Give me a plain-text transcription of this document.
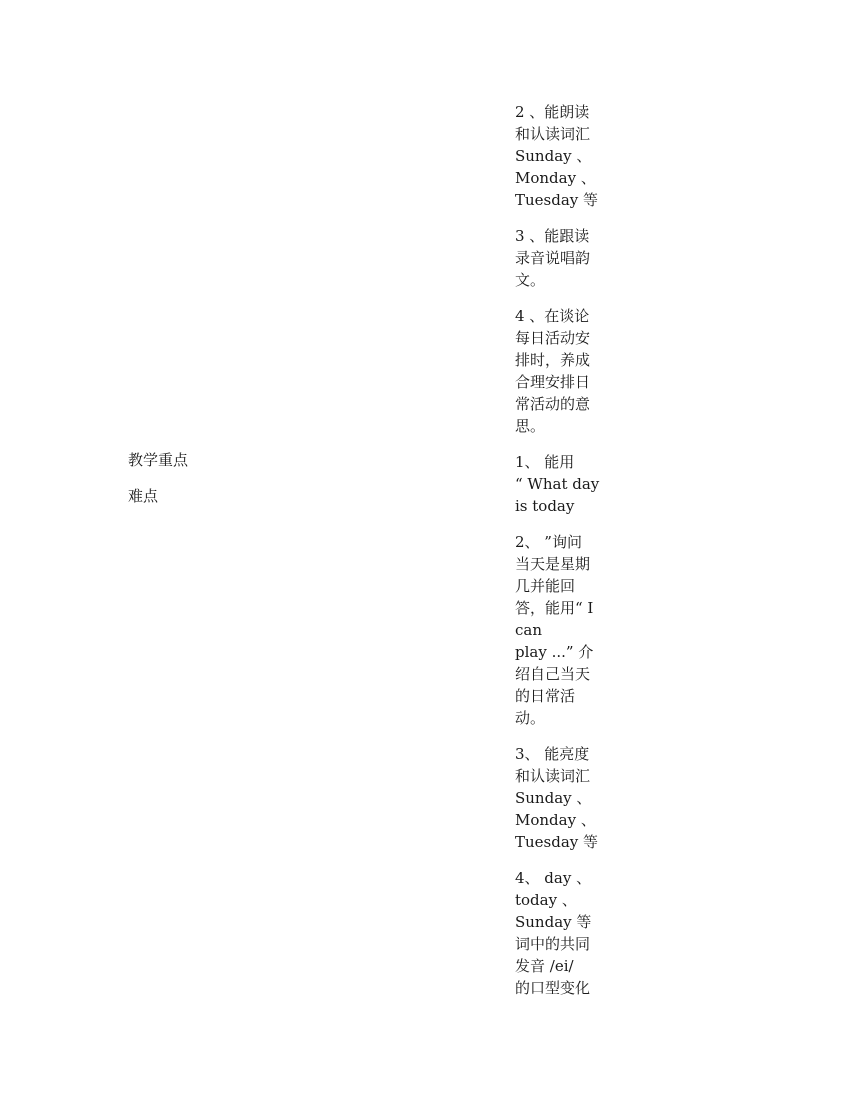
教学重点

难点

2 、能朗读
和认读词汇
Sunday 、
Monday 、
Tuesday 等

3 、能跟读
录音说唱韵
文。

4 、在谈论
每日活动安
排时，养成
合理安排日
常活动的意
思。

1、 能用
“ What day
is today

2、 ”询问
当天是星期
几并能回
答，能用“ I
can
play ...” 介
绍自己当天
的日常活
动。

3、 能亮度
和认读词汇
Sunday 、
Monday 、
Tuesday 等

4、 day 、
today 、
Sunday 等
词中的共同
发音 /ei/
的口型变化
